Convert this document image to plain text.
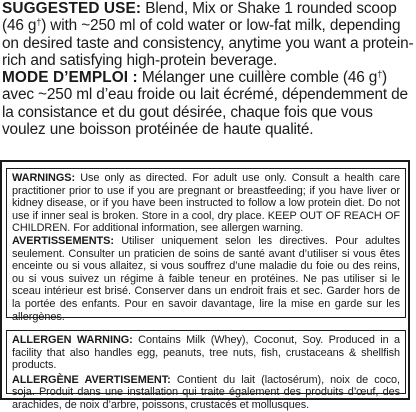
SUGGESTED USE: Blend, Mix or Shake 1 rounded scoop (46 g†) with ~250 ml of cold water or low-fat milk, depending on desired taste and consistency, anytime you want a protein-rich and satisfying high-protein beverage.

MODE D’EMPLOI : Mélanger une cuillère comble (46 g†) avec ~250 ml d’eau froide ou lait écrémé, dépendemment de la consistance et du gout désirée, chaque fois que vous voulez une boisson protéinée de haute qualité.

WARNINGS: Use only as directed. For adult use only. Consult a health care practitioner prior to use if you are pregnant or breastfeeding; if you have liver or kidney disease, or if you have been instructed to follow a low protein diet. Do not use if inner seal is broken. Store in a cool, dry place. KEEP OUT OF REACH OF CHILDREN. For additional information, see allergen warning.

AVERTISSEMENTS: Utiliser uniquement selon les directives. Pour adultes seulement. Consulter un praticien de soins de santé avant d’utiliser si vous êtes enceinte ou si vous allaitez, si vous souffrez d’une maladie du foie ou des reins, ou si vous suivez un régime à faible teneur en protéines. Ne pas utiliser si le sceau intérieur est brisé. Conserver dans un endroit frais et sec. Garder hors de la portée des enfants. Pour en savoir davantage, lire la mise en garde sur les allergènes.

ALLERGEN WARNING: Contains Milk (Whey), Coconut, Soy. Produced in a facility that also handles egg, peanuts, tree nuts, fish, crustaceans & shellfish products.

ALLERGÈNE AVERTISEMENT: Contient du lait (lactosérum), noix de coco, soja. Produit dans une installation qui traite également des produits d’œuf, des arachides, de noix d’arbre, poissons, crustacés et mollusques.
